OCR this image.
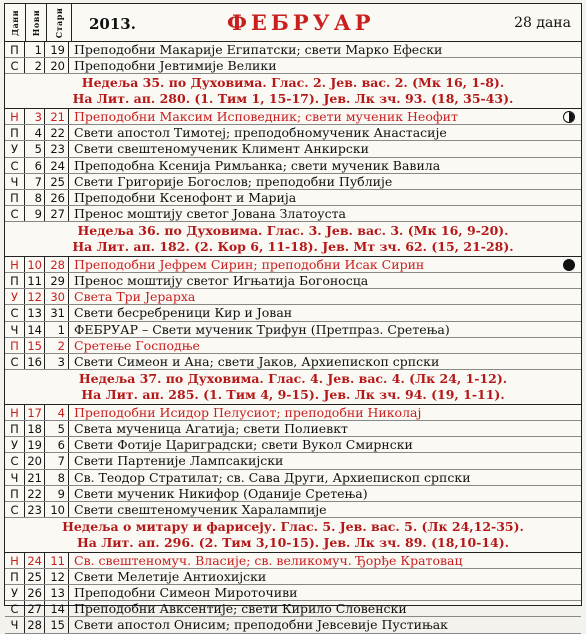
Дани Нови Стари 2013.	ФЕБРУАР	28 дана
П	1 19 Преподобни Макарије Египатски; свети Марко Ефески
С	2 20 Преподобни Јевтимије Велики
Недеља 35. по Духовима. Глас. 2. Јев. вас. 2. (Мк 16, 1-8).
На Лит. ап. 280. (1. Тим 1, 15-17). Јев. Лк зч. 93. (18, 35-43).
Н	3 21 Преподобни Максим Исповедник; свети мученик Неофит
П	4 22 Свети апостол Тимотеј; преподобномученик Анастасије
У	5 23 Свети свештеномученик Климент Анкирски
С	6 24 Преподобна Ксенија Римљанка; свети мученик Вавила
Ч	7 25 Свети Григорије Богослов; преподобни Публије
П	8 26 Преподобни Ксенофонт и Марија
С	9 27 Пренос моштију светог Јована Златоуста
Недеља 36. по Духовима. Глас. 3. Јев. вас. 3. (Мк 16, 9-20).
На Лит. ап. 182. (2. Кор 6, 11-18). Јев. Мт зч. 62. (15, 21-28).
Н 10 28 Преподобни Јефрем Сирин; преподобни Исак Сирин
П 11 29 Пренос моштију светог Игњатија Богоносца
У 12 30 Света Три Јерарха
С 13 31 Свети бесребреници Кир и Јован
Ч 14	1 ФЕБРУАР – Свети мученик Трифун (Претпраз. Сретења)
П 15	2 Сретење Господње
С 16	3 Свети Симеон и Ана; свети Јаков, Архиепископ српски
Недеља 37. по Духовима. Глас. 4. Јев. вас. 4. (Лк 24, 1-12).
На Лит. ап. 285. (1. Тим 4, 9-15). Јев. Лк зч. 94. (19, 1-11).
Н 17	4 Преподобни Исидор Пелусиот; преподобни Николај
П 18	5 Света мученица Агатија; свети Полиевкт
У 19	6 Свети Фотије Цариградски; свети Вукол Смирнски
С 20	7 Свети Партеније Лампсакијски
Ч 21	8 Св. Теодор Стратилат; св. Сава Други, Архиепископ српски
П 22	9 Свети мученик Никифор (Оданије Сретења)
С 23 10 Свети свештеномученик Харалампије
Недеља о митару и фарисеју. Глас. 5. Јев. вас. 5. (Лк 24,12-35).
На Лит. ап. 296. (2. Тим 3,10-15). Јев. Лк зч. 89. (18,10-14).
Н 24 11 Св. свештеномуч. Власије; св. великомуч. Ђорђе Кратовац
П 25 12 Свети Мелетије Антиохијски
У 26 13 Преподобни Симеон Мироточиви
С 27 14 Преподобни Авксентије; свети Кирило Словенски
Ч 28 15 Свети апостол Онисим; преподобни Јевсевије Пустињак
